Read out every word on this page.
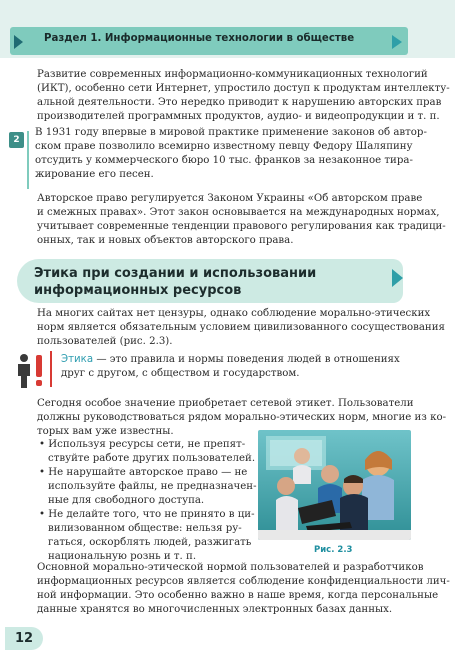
Раздел 1. Информационные технологии в обществе
Развитие современных информационно-коммуникационных технологий
(ИКТ), особенно сети Интернет, упростило доступ к продуктам интеллекту-
альной деятельности. Это нередко приводит к нарушению авторских прав
производителей программных продуктов, аудио- и видеопродукции и т. п.
2
В 1931 году впервые в мировой практике применение законов об автор-
ском праве позволило всемирно известному певцу Федору Шаляпину
отсудить у коммерческого бюро 10 тыс. франков за незаконное тира-
жирование его песен.
Авторское право регулируется Законом Украины «Об авторском праве
и смежных правах». Этот закон основывается на международных нормах,
учитывает современные тенденции правового регулирования как традици-
онных, так и новых объектов авторского права.
Этика при создании и использовании
информационных ресурсов
На многих сайтах нет цензуры, однако соблюдение морально-этических
норм является обязательным условием цивилизованного сосуществования
пользователей (рис. 2.3).
Этика — это правила и нормы поведения людей в отношениях
друг с другом, с обществом и государством.
Сегодня особое значение приобретает сетевой этикет. Пользователи
должны руководствоваться рядом морально-этических норм, многие из ко-
торых вам уже известны.
• Используя ресурсы сети, не препят-
ствуйте работе других пользователей.
• Не нарушайте авторское право — не
используйте файлы, не предназначен-
ные для свободного доступа.
• Не делайте того, что не принято в ци-
вилизованном обществе: нельзя ру-
гаться, оскорблять людей, разжигать
национальную рознь и т. п.
Рис. 2.3
Основной морально-этической нормой пользователей и разработчиков
информационных ресурсов является соблюдение конфиденциальности лич-
ной информации. Это особенно важно в наше время, когда персональные
данные хранятся во многочисленных электронных базах данных.
12
